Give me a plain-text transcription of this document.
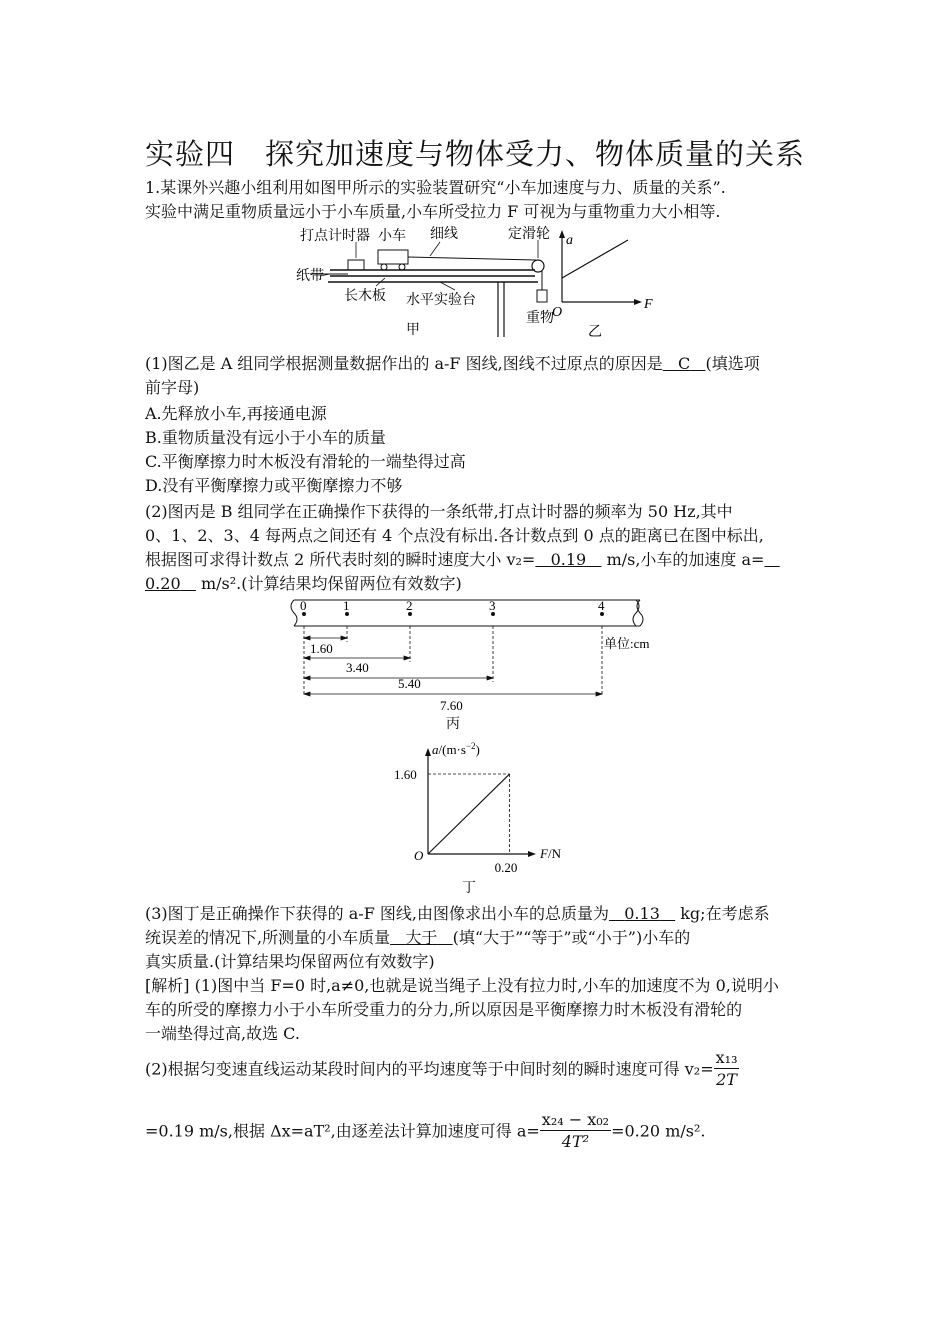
实验四　探究加速度与物体受力、物体质量的关系
1.某课外兴趣小组利用如图甲所示的实验装置研究“小车加速度与力、质量的关系”.
实验中满足重物质量远小于小车质量,小车所受拉力 F 可视为与重物重力大小相等.
打点计时器 小车 细线	定滑轮
纸带
长木板 水平实验台
重物
甲
a
F
O
乙
(1)图乙是 A 组同学根据测量数据作出的 a-F 图线,图线不过原点的原因是 C (填选项
前字母)
A.先释放小车,再接通电源
B.重物质量没有远小于小车的质量
C.平衡摩擦力时木板没有滑轮的一端垫得过高
D.没有平衡摩擦力或平衡摩擦力不够
(2)图丙是 B 组同学在正确操作下获得的一条纸带,打点计时器的频率为 50 Hz,其中
0、1、2、3、4 每两点之间还有 4 个点没有标出.各计数点到 0 点的距离已在图中标出,
根据图可求得计数点 2 所代表时刻的瞬时速度大小 v₂= 0.19 m/s,小车的加速度 a=
0.20 m/s².(计算结果均保留两位有效数字)
0	1	2	3	4
1.60
3.40
5.40
7.60
单位:cm
丙
1.60
0.20
$a/(m\cdot s^{-2})$
F/N
O
丁
(3)图丁是正确操作下获得的 a-F 图线,由图像求出小车的总质量为 0.13 kg;在考虑系
统误差的情况下,所测量的小车质量 大于 (填“大于”“等于”或“小于”)小车的
真实质量.(计算结果均保留两位有效数字)
[解析] (1)图中当 F=0 时,a≠0,也就是说当绳子上没有拉力时,小车的加速度不为 0,说明小
车的所受的摩擦力小于小车所受重力的分力,所以原因是平衡摩擦力时木板没有滑轮的
一端垫得过高,故选 C.
(2)根据匀变速直线运动某段时间内的平均速度等于中间时刻的瞬时速度可得 $v_2= \frac{\text{x₁₃}}{2T}$
=0.19 m/s,根据 Δx=aT²,由逐差法计算加速度可得 $a= \frac{\text{x₂₄ − x₀₂}}{\text{4T²}} =0.20$ m/s².
